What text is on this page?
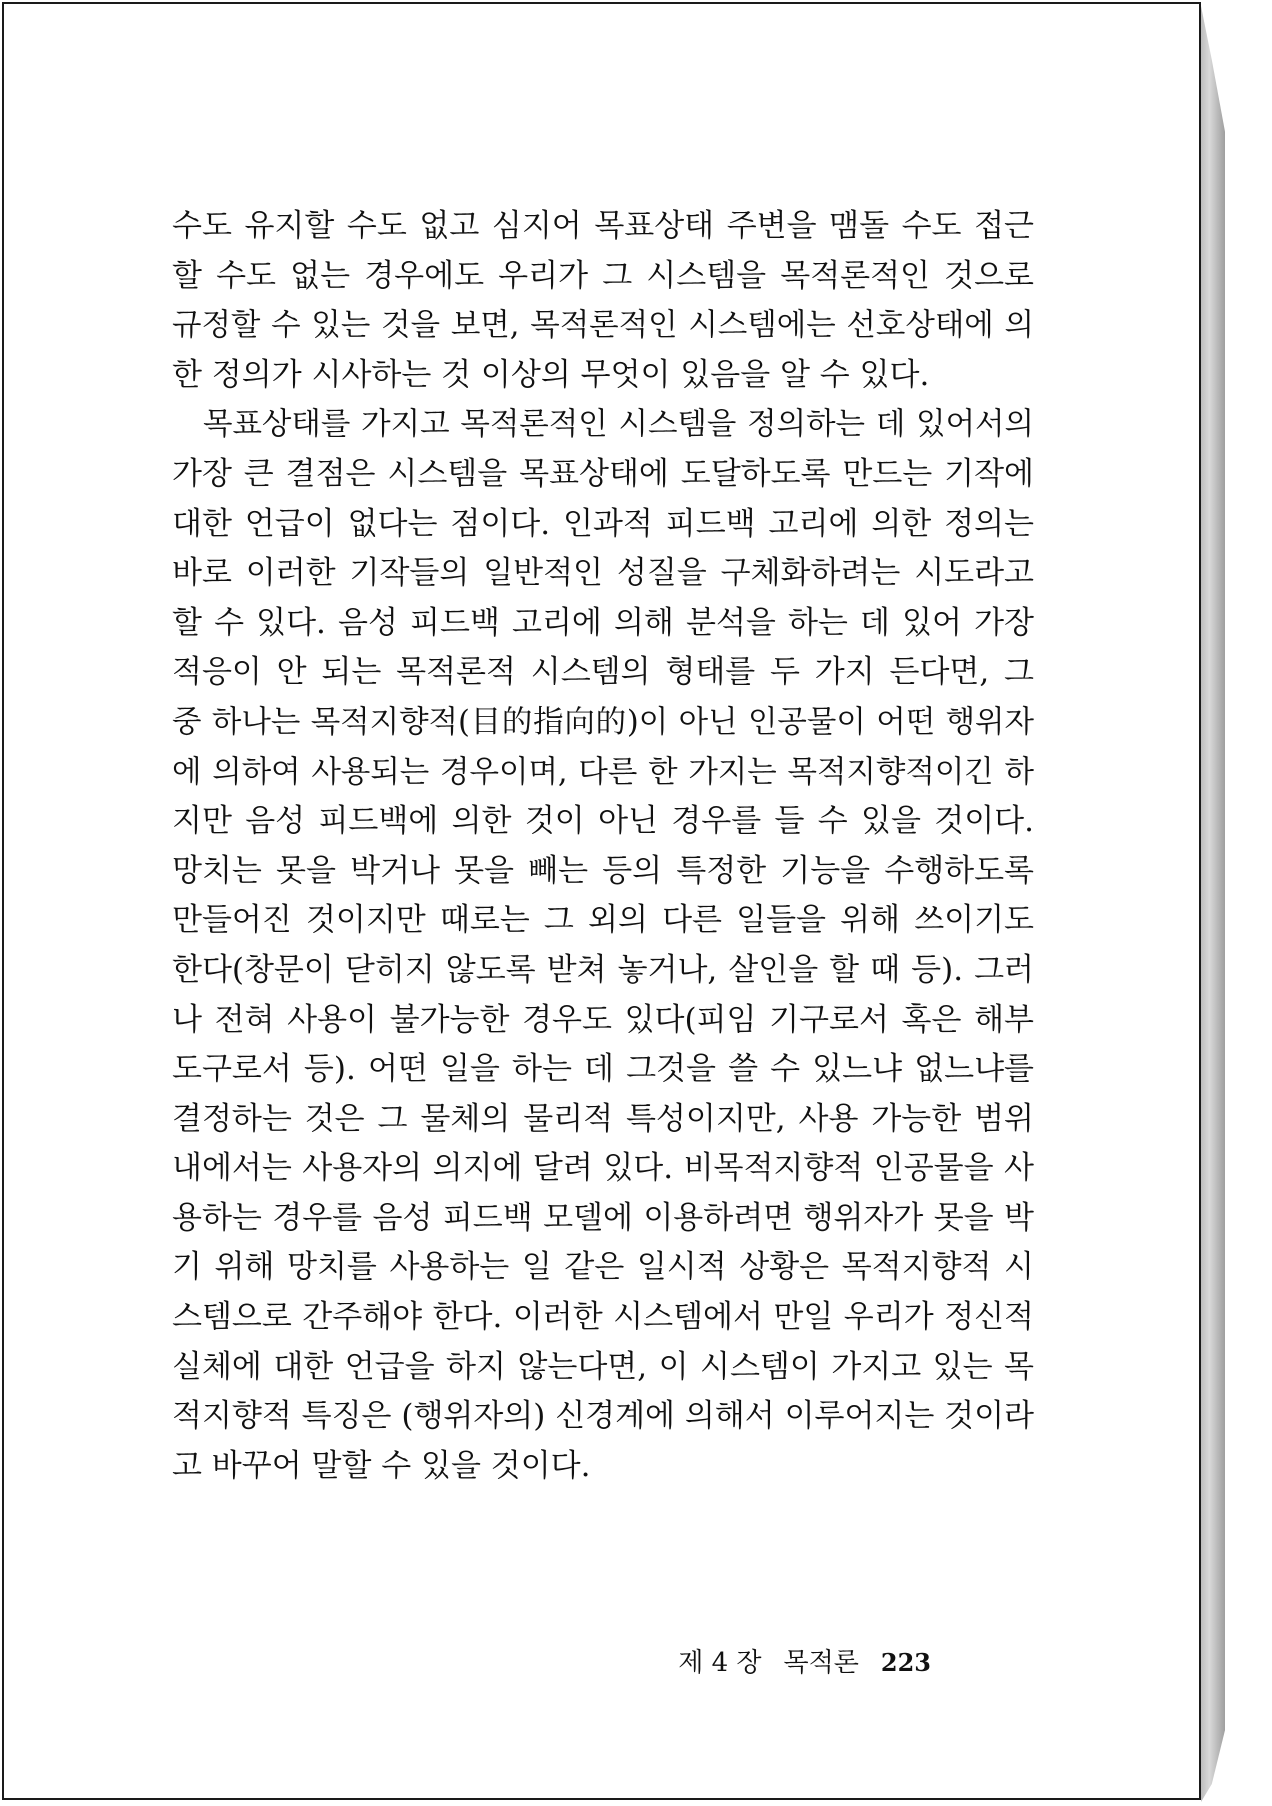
수도 유지할 수도 없고 심지어 목표상태 주변을 맴돌 수도 접근
할 수도 없는 경우에도 우리가 그 시스템을 목적론적인 것으로
규정할 수 있는 것을 보면, 목적론적인 시스템에는 선호상태에 의
한 정의가 시사하는 것 이상의 무엇이 있음을 알 수 있다.
목표상태를 가지고 목적론적인 시스템을 정의하는 데 있어서의
가장 큰 결점은 시스템을 목표상태에 도달하도록 만드는 기작에
대한 언급이 없다는 점이다. 인과적 피드백 고리에 의한 정의는
바로 이러한 기작들의 일반적인 성질을 구체화하려는 시도라고
할 수 있다. 음성 피드백 고리에 의해 분석을 하는 데 있어 가장
적응이 안 되는 목적론적 시스템의 형태를 두 가지 든다면, 그
중 하나는 목적지향적(目的指向的)이 아닌 인공물이 어떤 행위자
에 의하여 사용되는 경우이며, 다른 한 가지는 목적지향적이긴 하
지만 음성 피드백에 의한 것이 아닌 경우를 들 수 있을 것이다.
망치는 못을 박거나 못을 빼는 등의 특정한 기능을 수행하도록
만들어진 것이지만 때로는 그 외의 다른 일들을 위해 쓰이기도
한다(창문이 닫히지 않도록 받쳐 놓거나, 살인을 할 때 등). 그러
나 전혀 사용이 불가능한 경우도 있다(피임 기구로서 혹은 해부
도구로서 등). 어떤 일을 하는 데 그것을 쓸 수 있느냐 없느냐를
결정하는 것은 그 물체의 물리적 특성이지만, 사용 가능한 범위
내에서는 사용자의 의지에 달려 있다. 비목적지향적 인공물을 사
용하는 경우를 음성 피드백 모델에 이용하려면 행위자가 못을 박
기 위해 망치를 사용하는 일 같은 일시적 상황은 목적지향적 시
스템으로 간주해야 한다. 이러한 시스템에서 만일 우리가 정신적
실체에 대한 언급을 하지 않는다면, 이 시스템이 가지고 있는 목
적지향적 특징은 (행위자의) 신경계에 의해서 이루어지는 것이라
고 바꾸어 말할 수 있을 것이다.
제 4 장 목적론 223
